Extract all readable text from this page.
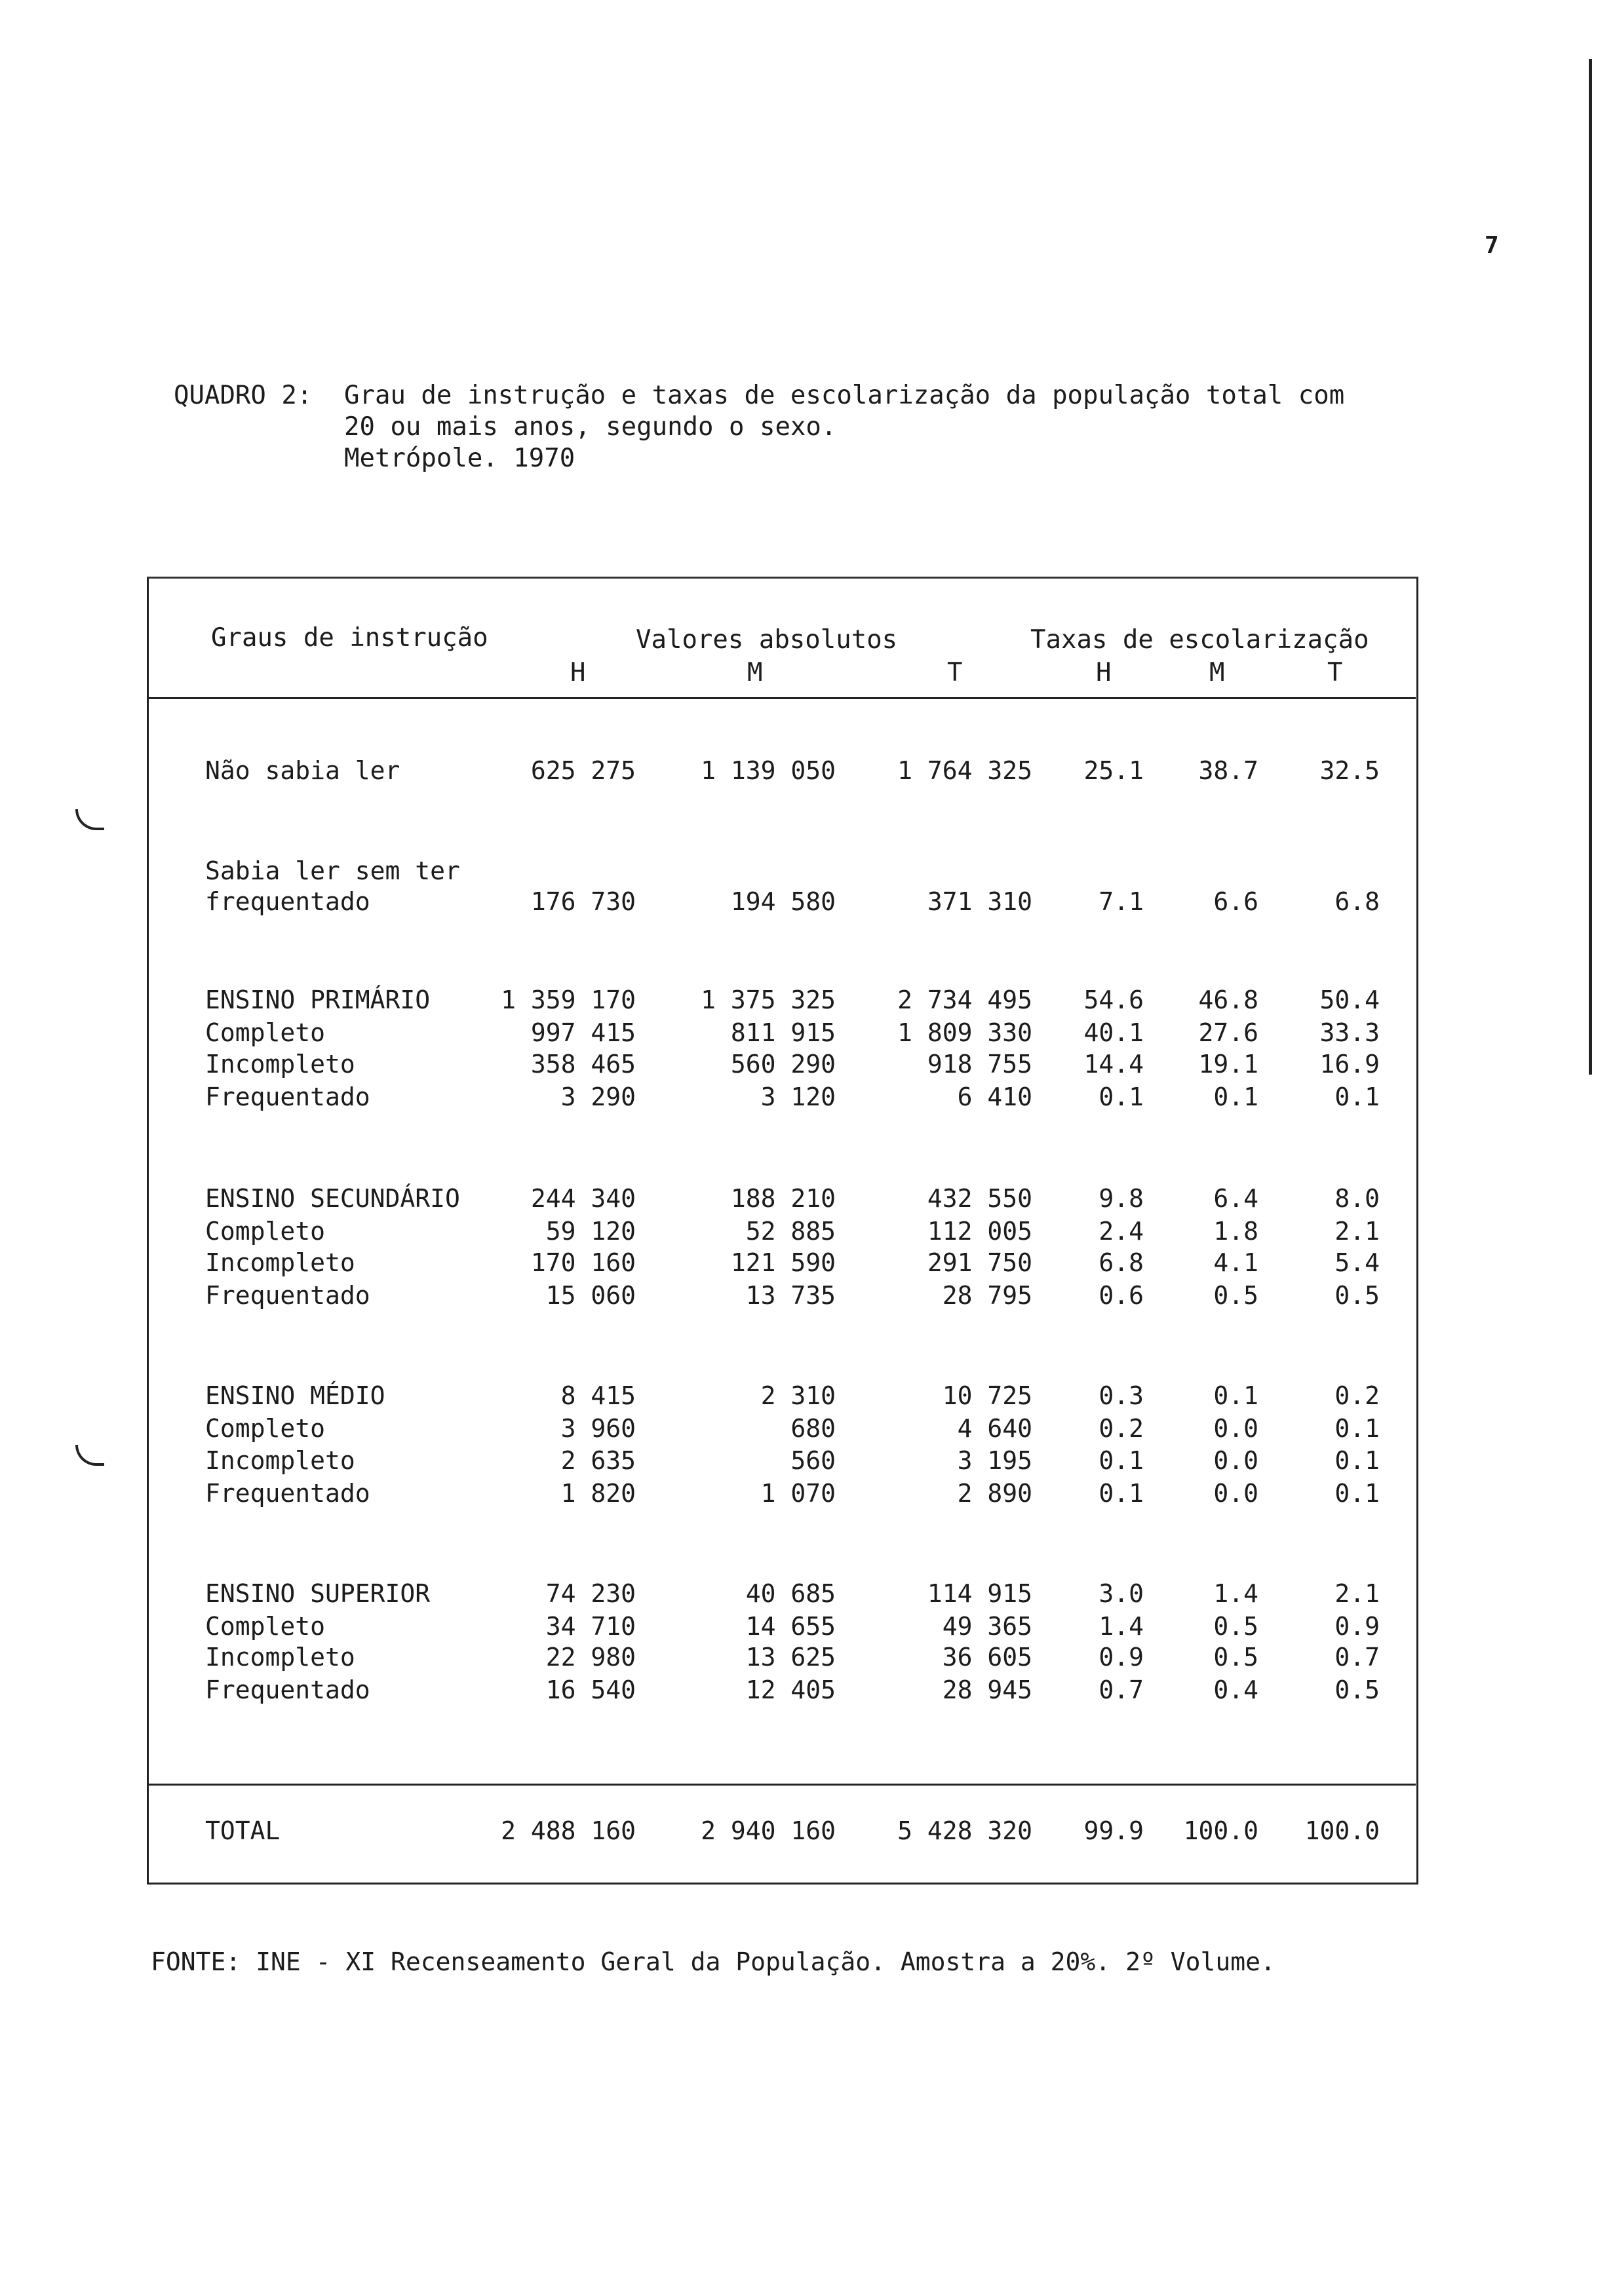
7
QUADRO 2: Grau de instrução e taxas de escolarização da população total com
20 ou mais anos, segundo o sexo.
Metrópole. 1970
Graus de instrução	Valores absolutos	Taxas de escolarização
H	M	T	H	M	T
Não sabia ler	625 275	1 139 050	1 764 325	25.1	38.7	32.5
Sabia ler sem ter
frequentado	176 730	194 580	371 310	7.1	6.6	6.8
ENSINO PRIMÁRIO	1 359 170	1 375 325	2 734 495	54.6	46.8	50.4
Completo	997 415	811 915	1 809 330	40.1	27.6	33.3
Incompleto	358 465	560 290	918 755	14.4	19.1	16.9
Frequentado	3 290	3 120	6 410	0.1	0.1	0.1
ENSINO SECUNDÁRIO	244 340	188 210	432 550	9.8	6.4	8.0
Completo	59 120	52 885	112 005	2.4	1.8	2.1
Incompleto	170 160	121 590	291 750	6.8	4.1	5.4
Frequentado	15 060	13 735	28 795	0.6	0.5	0.5
ENSINO MÉDIO	8 415	2 310	10 725	0.3	0.1	0.2
Completo	3 960	680	4 640	0.2	0.0	0.1
Incompleto	2 635	560	3 195	0.1	0.0	0.1
Frequentado	1 820	1 070	2 890	0.1	0.0	0.1
ENSINO SUPERIOR	74 230	40 685	114 915	3.0	1.4	2.1
Completo	34 710	14 655	49 365	1.4	0.5	0.9
Incompleto	22 980	13 625	36 605	0.9	0.5	0.7
Frequentado	16 540	12 405	28 945	0.7	0.4	0.5
TOTAL	2 488 160	2 940 160	5 428 320	99.9	100.0	100.0
FONTE: INE - XI Recenseamento Geral da População. Amostra a 20%. 2º Volume.
